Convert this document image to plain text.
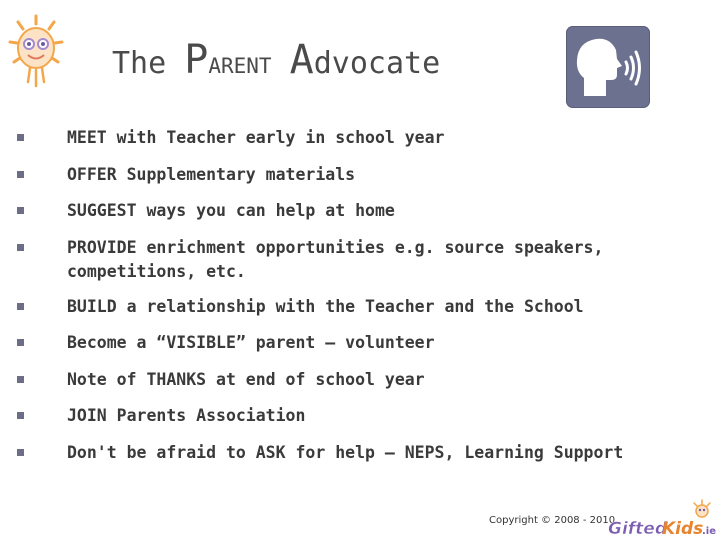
The Parent Advocate
MEET with Teacher early in school year
OFFER Supplementary materials
SUGGEST ways you can help at home
PROVIDE enrichment opportunities e.g. source speakers,
competitions, etc.
BUILD a relationship with the Teacher and the School
Become a “VISIBLE” parent – volunteer
Note of THANKS at end of school year
JOIN Parents Association
Don't be afraid to ASK for help – NEPS, Learning Support
Copyright © 2008 - 2010
Gifted
Kids
.ie
